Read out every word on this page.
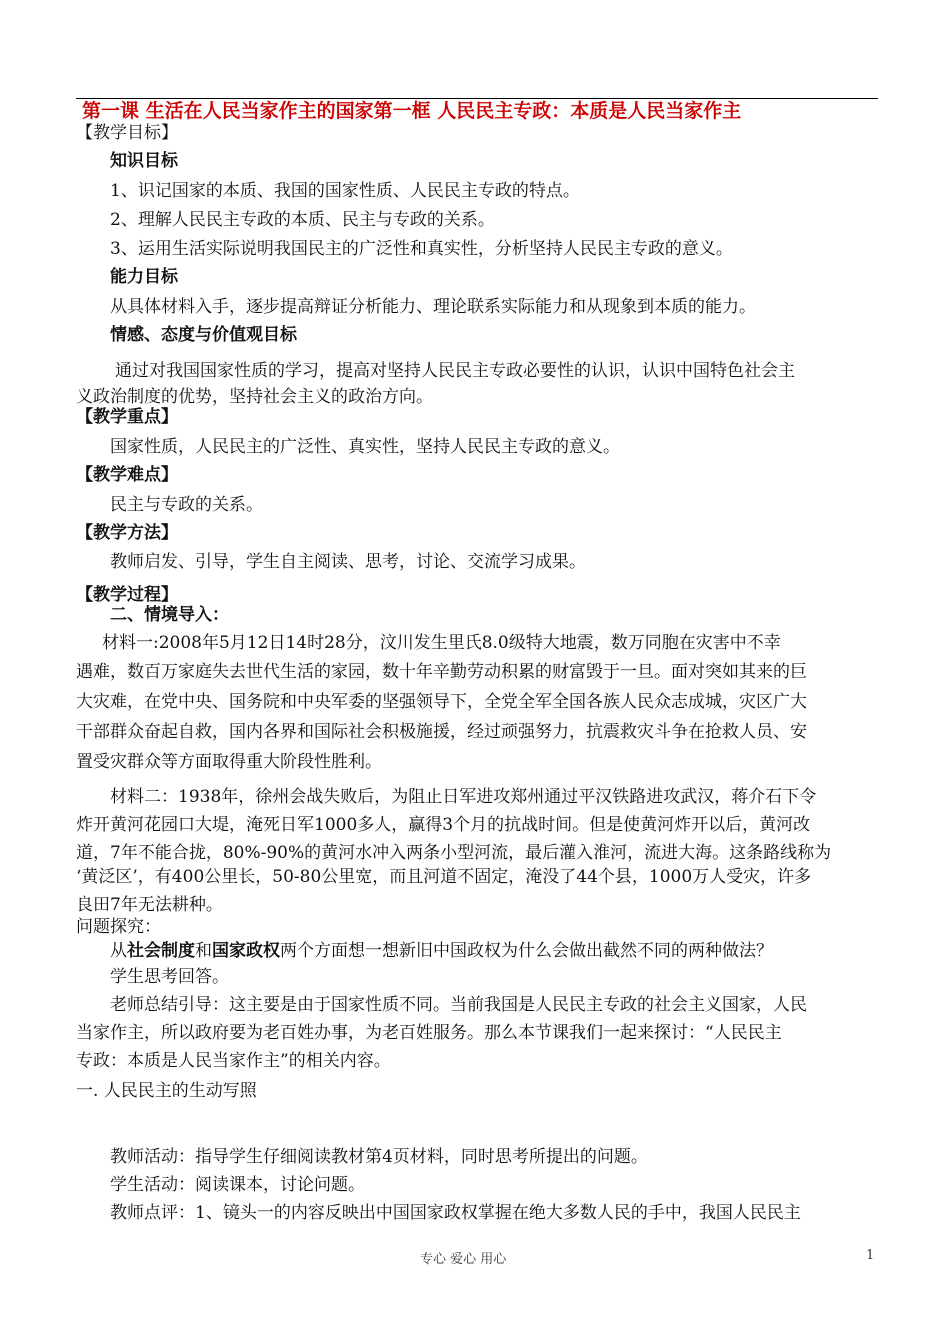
第一课 生活在人民当家作主的国家第一框 人民民主专政：本质是人民当家作主
【教学目标】
知识目标
1、识记国家的本质、我国的国家性质、人民民主专政的特点。
2、理解人民民主专政的本质、民主与专政的关系。
3、运用生活实际说明我国民主的广泛性和真实性，分析坚持人民民主专政的意义。
能力目标
从具体材料入手，逐步提高辩证分析能力、理论联系实际能力和从现象到本质的能力。
情感、态度与价值观目标
通过对我国国家性质的学习，提高对坚持人民民主专政必要性的认识，认识中国特色社会主
义政治制度的优势，坚持社会主义的政治方向。
【教学重点】
国家性质，人民民主的广泛性、真实性，坚持人民民主专政的意义。
【教学难点】
民主与专政的关系。
【教学方法】
教师启发、引导，学生自主阅读、思考，讨论、交流学习成果。
【教学过程】
二、情境导入：
材料一:2008年5月12日14时28分，汶川发生里氏8.0级特大地震，数万同胞在灾害中不幸
遇难，数百万家庭失去世代生活的家园，数十年辛勤劳动积累的财富毁于一旦。面对突如其来的巨
大灾难，在党中央、国务院和中央军委的坚强领导下，全党全军全国各族人民众志成城，灾区广大
干部群众奋起自救，国内各界和国际社会积极施援，经过顽强努力，抗震救灾斗争在抢救人员、安
置受灾群众等方面取得重大阶段性胜利。
材料二：1938年，徐州会战失败后，为阻止日军进攻郑州通过平汉铁路进攻武汉，蒋介石下令
炸开黄河花园口大堤，淹死日军1000多人，赢得3个月的抗战时间。但是使黄河炸开以后，黄河改
道，7年不能合拢，80%-90%的黄河水冲入两条小型河流，最后灌入淮河，流进大海。这条路线称为
‘黄泛区’，有400公里长，50-80公里宽，而且河道不固定，淹没了44个县，1000万人受灾，许多
良田7年无法耕种。
问题探究：
从社会制度和国家政权两个方面想一想新旧中国政权为什么会做出截然不同的两种做法？
学生思考回答。
老师总结引导：这主要是由于国家性质不同。当前我国是人民民主专政的社会主义国家，人民
当家作主，所以政府要为老百姓办事，为老百姓服务。那么本节课我们一起来探讨：“人民民主
专政：本质是人民当家作主”的相关内容。
一. 人民民主的生动写照
教师活动：指导学生仔细阅读教材第4页材料，同时思考所提出的问题。
学生活动：阅读课本，讨论问题。
教师点评：1、镜头一的内容反映出中国国家政权掌握在绝大多数人民的手中，我国人民民主
专心 爱心 用心	1
